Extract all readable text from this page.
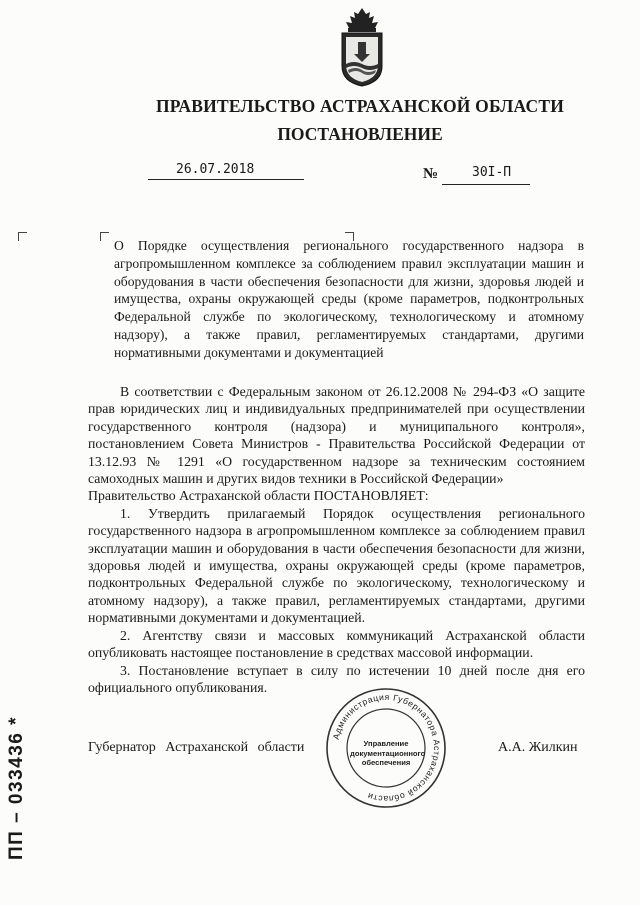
ПРАВИТЕЛЬСТВО АСТРАХАНСКОЙ ОБЛАСТИ
ПОСТАНОВЛЕНИЕ
26.07.2018	№	30I-П
О Порядке осуществления регионального государственного надзора в агропромышленном комплексе за соблюдением правил эксплуатации машин и оборудования в части обеспечения безопасности для жизни, здоровья людей и имущества, охраны окружающей среды (кроме параметров, подконтрольных Федеральной службе по экологическому, технологическому и атомному надзору), а также правил, регламентируемых стандартами, другими нормативными документами и документацией

В соответствии с Федеральным законом от 26.12.2008 № 294-ФЗ «О защите прав юридических лиц и индивидуальных предпринимателей при осуществлении государственного контроля (надзора) и муниципального контроля», постановлением Совета Министров - Правительства Российской Федерации от 13.12.93 № 1291 «О государственном надзоре за техническим состоянием самоходных машин и других видов техники в Российской Федерации»

Правительство Астраханской области ПОСТАНОВЛЯЕТ:

1. Утвердить прилагаемый Порядок осуществления регионального государственного надзора в агропромышленном комплексе за соблюдением правил эксплуатации машин и оборудования в части обеспечения безопасности для жизни, здоровья людей и имущества, охраны окружающей среды (кроме параметров, подконтрольных Федеральной службе по экологическому, технологическому и атомному надзору), а также правил, регламентируемых стандартами, другими нормативными документами и документацией.

2. Агентству связи и массовых коммуникаций Астраханской области опубликовать настоящее постановление в средствах массовой информации.

3. Постановление вступает в силу по истечении 10 дней после дня его официального опубликования.

Губернатор Астраханской области	А.А. Жилкин
Администрация Губернатора Астраханской области
Управление
документационного
обеспечения
ПП – 033436 *
